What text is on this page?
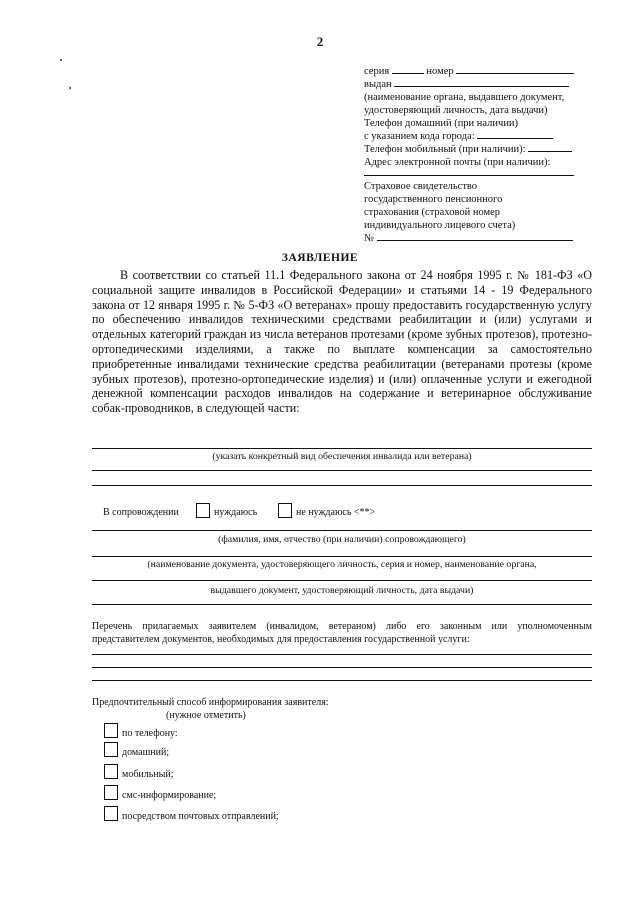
2
серия	номер
выдан
(наименование органа, выдавшего документ,
удостоверяющий личность, дата выдачи)
Телефон домашний (при наличии)
с указанием кода города:
Телефон мобильный (при наличии):
Адрес электронной почты (при наличии):
Страховое свидетельство
государственного пенсионного
страхования (страховой номер
индивидуального лицевого счета)
№
ЗАЯВЛЕНИЕ
В соответствии со статьей 11.1 Федерального закона от 24 ноября 1995 г. № 181-ФЗ «О социальной защите инвалидов в Российской Федерации» и статьями 14 - 19 Федерального закона от 12 января 1995 г. № 5-ФЗ «О ветеранах» прошу предоставить государственную услугу по обеспечению инвалидов техническими средствами реабилитации и (или) услугами и отдельных категорий граждан из числа ветеранов протезами (кроме зубных протезов), протезно-ортопедическими изделиями, а также по выплате компенсации за самостоятельно приобретенные инвалидами технические средства реабилитации (ветеранами протезы (кроме зубных протезов), протезно-ортопедические изделия) и (или) оплаченные услуги и ежегодной денежной компенсации расходов инвалидов на содержание и ветеринарное обслуживание собак-проводников, в следующей части:
(указать конкретный вид обеспечения инвалида или ветерана)
В сопровождении	нуждаюсь	не нуждаюсь <**>
(фамилия, имя, отчество (при наличии) сопровождающего)
(наименование документа, удостоверяющего личность, серия и номер, наименование органа,
выдавшего документ, удостоверяющий личность, дата выдачи)
Перечень прилагаемых заявителем (инвалидом, ветераном) либо его законным или уполномоченным представителем документов, необходимых для предоставления государственной услуги:
Предпочтительный способ информирования заявителя:
(нужное отметить)
по телефону:
домашний;
мобильный;
смс-информирование;
посредством почтовых отправлений;
